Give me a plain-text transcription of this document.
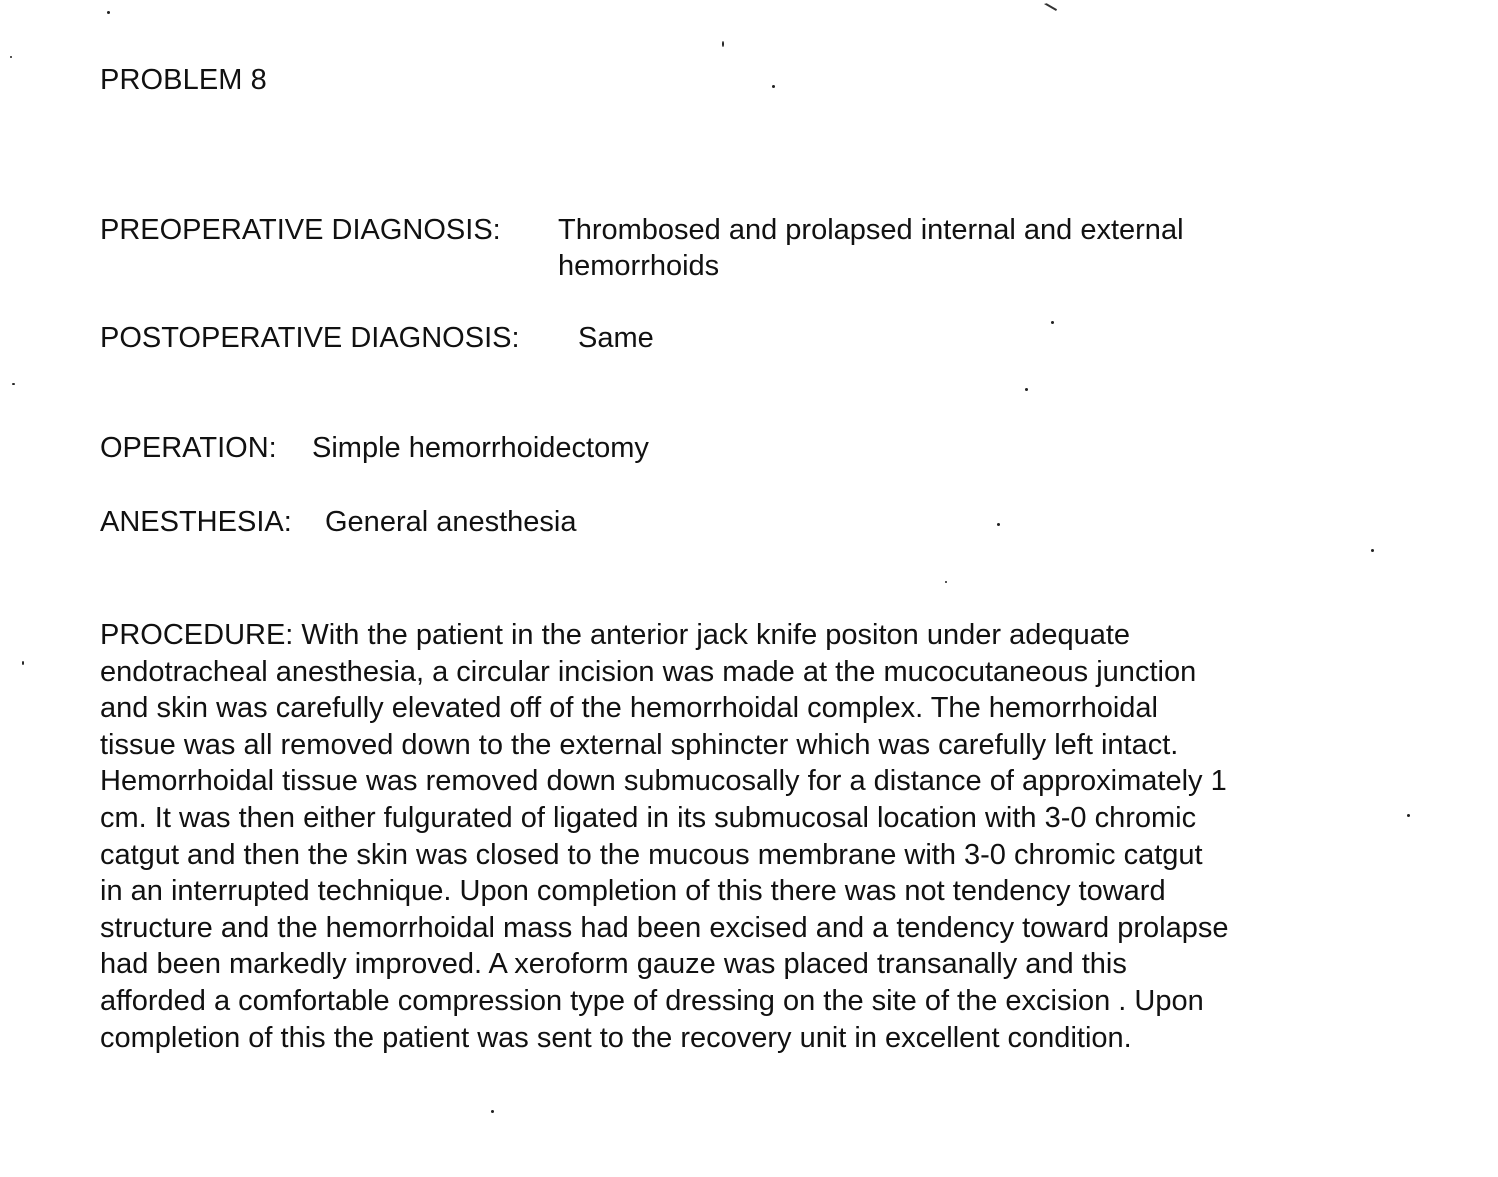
PROBLEM 8
PREOPERATIVE DIAGNOSIS: Thrombosed and prolapsed internal and external
hemorrhoids
POSTOPERATIVE DIAGNOSIS: Same
OPERATION: Simple hemorrhoidectomy
ANESTHESIA: General anesthesia
PROCEDURE: With the patient in the anterior jack knife positon under adequate
endotracheal anesthesia, a circular incision was made at the mucocutaneous junction
and skin was carefully elevated off of the hemorrhoidal complex. The hemorrhoidal
tissue was all removed down to the external sphincter which was carefully left intact.
Hemorrhoidal tissue was removed down submucosally for a distance of approximately 1
cm. It was then either fulgurated of ligated in its submucosal location with 3-0 chromic
catgut and then the skin was closed to the mucous membrane with 3-0 chromic catgut
in an interrupted technique. Upon completion of this there was not tendency toward
structure and the hemorrhoidal mass had been excised and a tendency toward prolapse
had been markedly improved. A xeroform gauze was placed transanally and this
afforded a comfortable compression type of dressing on the site of the excision . Upon
completion of this the patient was sent to the recovery unit in excellent condition.
